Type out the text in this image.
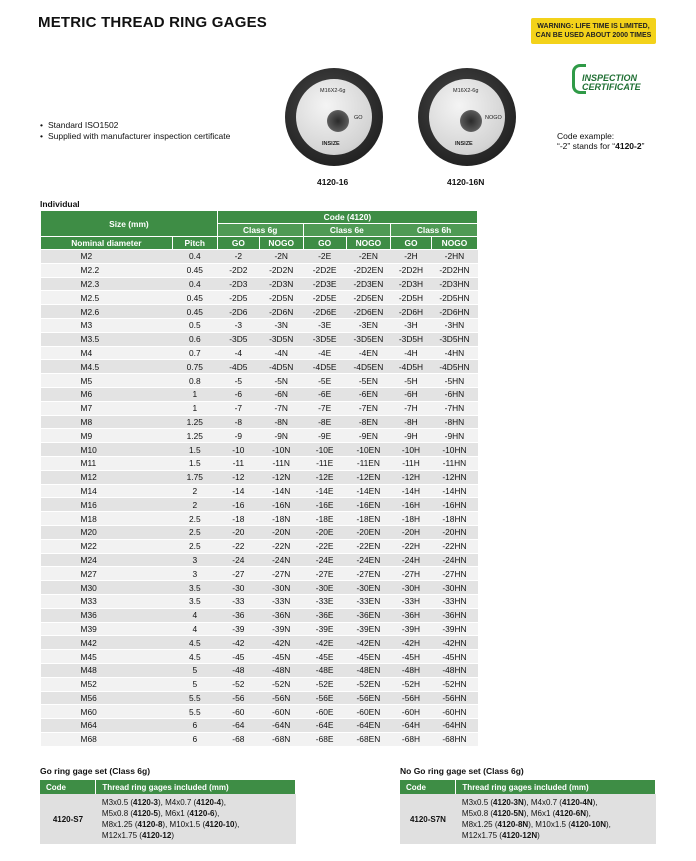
METRIC THREAD RING GAGES	WARNING: LIFE TIME IS LIMITED,
CAN BE USED ABOUT 2000 TIMES
INSPECTION
CERTIFICATE
• Standard ISO1502
• Supplied with manufacturer inspection certificate	Code example:
“-2” stands for “4120-2”
M16X2-6g
GO
INSIZE
4120-16
M16X2-6g
NOGO
INSIZE
4120-16N
Individual
Size (mm)		Code (4120)					
		Class 6g		Class 6e		Class 6h	
Nominal diameter	Pitch	GO	NOGO	GO	NOGO	GO	NOGO
M2	0.4	-2	-2N	-2E	-2EN	-2H	-2HN
M2.2	0.45	-2D2	-2D2N	-2D2E	-2D2EN	-2D2H	-2D2HN
M2.3	0.4	-2D3	-2D3N	-2D3E	-2D3EN	-2D3H	-2D3HN
M2.5	0.45	-2D5	-2D5N	-2D5E	-2D5EN	-2D5H	-2D5HN
M2.6	0.45	-2D6	-2D6N	-2D6E	-2D6EN	-2D6H	-2D6HN
M3	0.5	-3	-3N	-3E	-3EN	-3H	-3HN
M3.5	0.6	-3D5	-3D5N	-3D5E	-3D5EN	-3D5H	-3D5HN
M4	0.7	-4	-4N	-4E	-4EN	-4H	-4HN
M4.5	0.75	-4D5	-4D5N	-4D5E	-4D5EN	-4D5H	-4D5HN
M5	0.8	-5	-5N	-5E	-5EN	-5H	-5HN
M6	1	-6	-6N	-6E	-6EN	-6H	-6HN
M7	1	-7	-7N	-7E	-7EN	-7H	-7HN
M8	1.25	-8	-8N	-8E	-8EN	-8H	-8HN
M9	1.25	-9	-9N	-9E	-9EN	-9H	-9HN
M10	1.5	-10	-10N	-10E	-10EN	-10H	-10HN
M11	1.5	-11	-11N	-11E	-11EN	-11H	-11HN
M12	1.75	-12	-12N	-12E	-12EN	-12H	-12HN
M14	2	-14	-14N	-14E	-14EN	-14H	-14HN
M16	2	-16	-16N	-16E	-16EN	-16H	-16HN
M18	2.5	-18	-18N	-18E	-18EN	-18H	-18HN
M20	2.5	-20	-20N	-20E	-20EN	-20H	-20HN
M22	2.5	-22	-22N	-22E	-22EN	-22H	-22HN
M24	3	-24	-24N	-24E	-24EN	-24H	-24HN
M27	3	-27	-27N	-27E	-27EN	-27H	-27HN
M30	3.5	-30	-30N	-30E	-30EN	-30H	-30HN
M33	3.5	-33	-33N	-33E	-33EN	-33H	-33HN
M36	4	-36	-36N	-36E	-36EN	-36H	-36HN
M39	4	-39	-39N	-39E	-39EN	-39H	-39HN
M42	4.5	-42	-42N	-42E	-42EN	-42H	-42HN
M45	4.5	-45	-45N	-45E	-45EN	-45H	-45HN
M48	5	-48	-48N	-48E	-48EN	-48H	-48HN
M52	5	-52	-52N	-52E	-52EN	-52H	-52HN
M56	5.5	-56	-56N	-56E	-56EN	-56H	-56HN
M60	5.5	-60	-60N	-60E	-60EN	-60H	-60HN
M64	6	-64	-64N	-64E	-64EN	-64H	-64HN
M68	6	-68	-68N	-68E	-68EN	-68H	-68HN
Go ring gage set (Class 6g)
Code	Thread ring gages included (mm)
4120-S7	M3x0.5 (4120-3), M4x0.7 (4120-4),
M5x0.8 (4120-5), M6x1 (4120-6),
M8x1.25 (4120-8), M10x1.5 (4120-10),
M12x1.75 (4120-12)
No Go ring gage set (Class 6g)
Code	Thread ring gages included (mm)
4120-S7N	M3x0.5 (4120-3N), M4x0.7 (4120-4N),
M5x0.8 (4120-5N), M6x1 (4120-6N),
M8x1.25 (4120-8N), M10x1.5 (4120-10N),
M12x1.75 (4120-12N)
